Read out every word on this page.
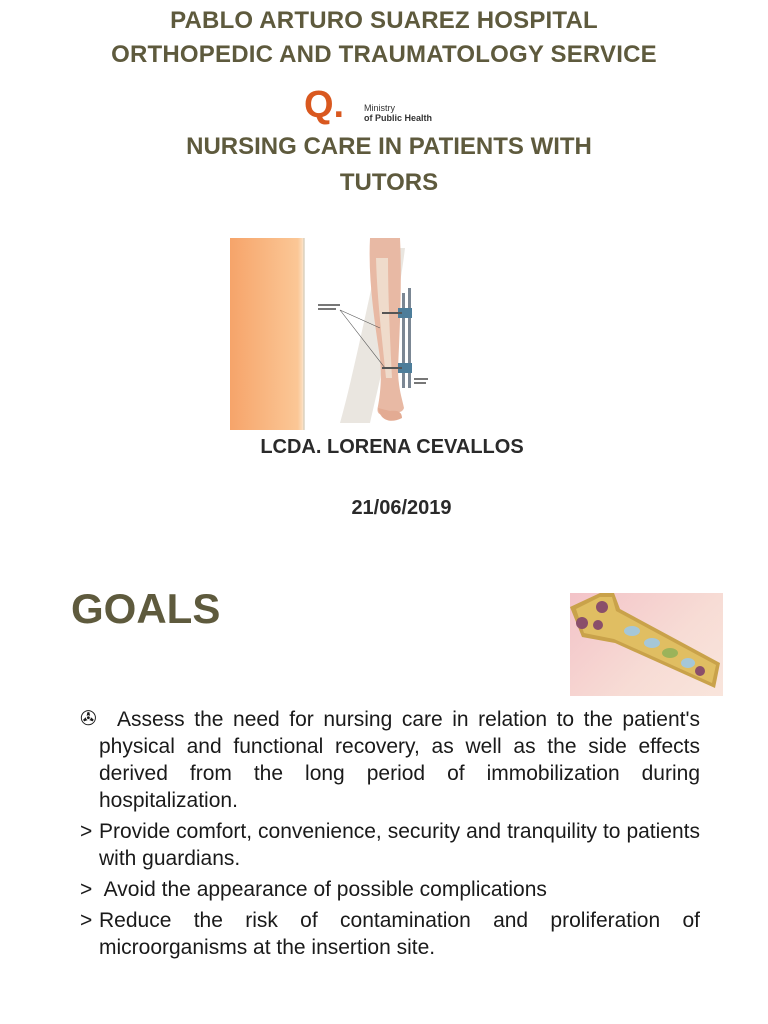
PABLO ARTURO SUAREZ HOSPITAL
ORTHOPEDIC AND TRAUMATOLOGY SERVICE
Q. Ministry
of Public Health
NURSING CARE IN PATIENTS WITH
TUTORS
LCDA. LORENA CEVALLOS
21/06/2019
GOALS
✇ Assess the need for nursing care in relation to the patient's physical and functional recovery, as well as the side effects derived from the long period of immobilization during hospitalization.
> Provide comfort, convenience, security and tranquility to patients with guardians.
> Avoid the appearance of possible complications
> Reduce the risk of contamination and proliferation of microorganisms at the insertion site.
